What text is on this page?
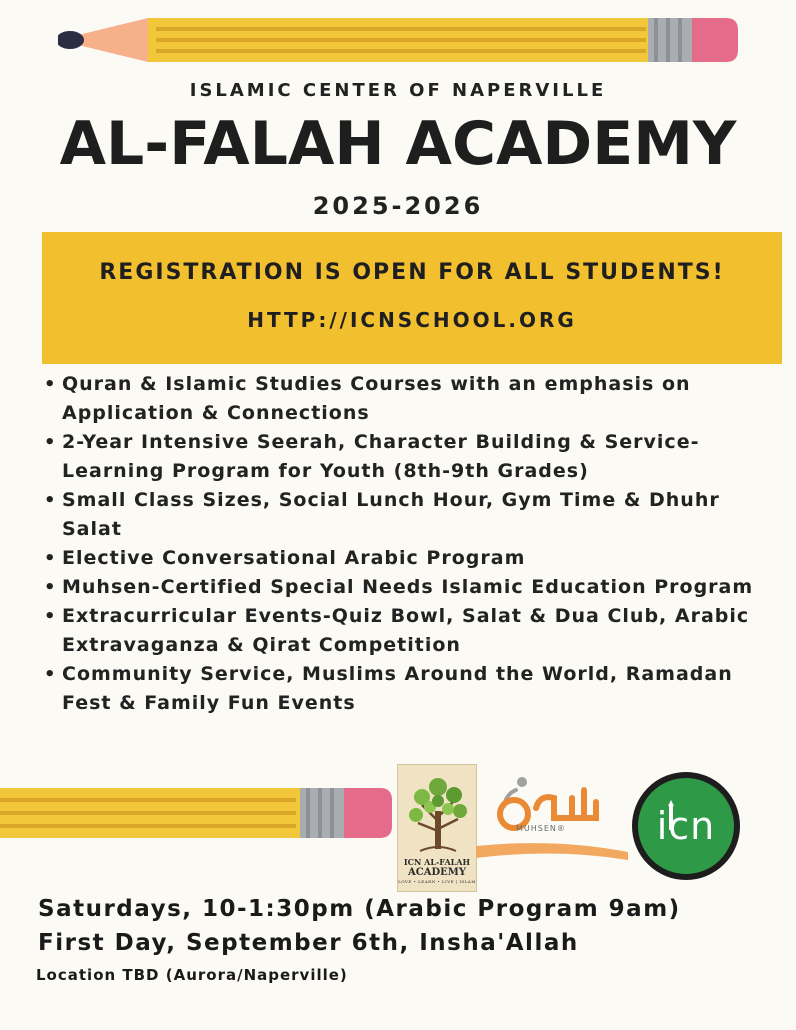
ISLAMIC CENTER OF NAPERVILLE
AL-FALAH ACADEMY
2025-2026
REGISTRATION IS OPEN FOR ALL STUDENTS!
HTTP://ICNSCHOOL.ORG
• Quran & Islamic Studies Courses with an emphasis on Application & Connections
• 2-Year Intensive Seerah, Character Building & Service-Learning Program for Youth (8th-9th Grades)
• Small Class Sizes, Social Lunch Hour, Gym Time & Dhuhr Salat
• Elective Conversational Arabic Program
• Muhsen-Certified Special Needs Islamic Education Program
• Extracurricular Events-Quiz Bowl, Salat & Dua Club, Arabic Extravaganza & Qirat Competition
• Community Service, Muslims Around the World, Ramadan Fest & Family Fun Events
ICN AL-FALAH
ACADEMY
LOVE • LEARN • LIVE | ISLAM
MUHSEN®	icn
Saturdays, 10-1:30pm (Arabic Program 9am)
First Day, September 6th, Insha'Allah
Location TBD (Aurora/Naperville)
